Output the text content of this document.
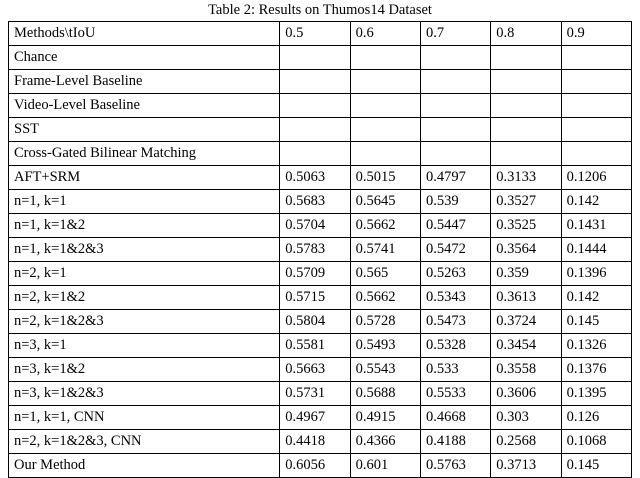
Table 2: Results on Thumos14 Dataset
Methods\tIoU	0.5	0.6	0.7	0.8	0.9
Chance					
Frame-Level Baseline					
Video-Level Baseline					
SST					
Cross-Gated Bilinear Matching					
AFT+SRM	0.5063	0.5015	0.4797	0.3133	0.1206
n=1, k=1	0.5683	0.5645	0.539	0.3527	0.142
n=1, k=1&2	0.5704	0.5662	0.5447	0.3525	0.1431
n=1, k=1&2&3	0.5783	0.5741	0.5472	0.3564	0.1444
n=2, k=1	0.5709	0.565	0.5263	0.359	0.1396
n=2, k=1&2	0.5715	0.5662	0.5343	0.3613	0.142
n=2, k=1&2&3	0.5804	0.5728	0.5473	0.3724	0.145
n=3, k=1	0.5581	0.5493	0.5328	0.3454	0.1326
n=3, k=1&2	0.5663	0.5543	0.533	0.3558	0.1376
n=3, k=1&2&3	0.5731	0.5688	0.5533	0.3606	0.1395
n=1, k=1, CNN	0.4967	0.4915	0.4668	0.303	0.126
n=2, k=1&2&3, CNN	0.4418	0.4366	0.4188	0.2568	0.1068
Our Method	0.6056	0.601	0.5763	0.3713	0.145
